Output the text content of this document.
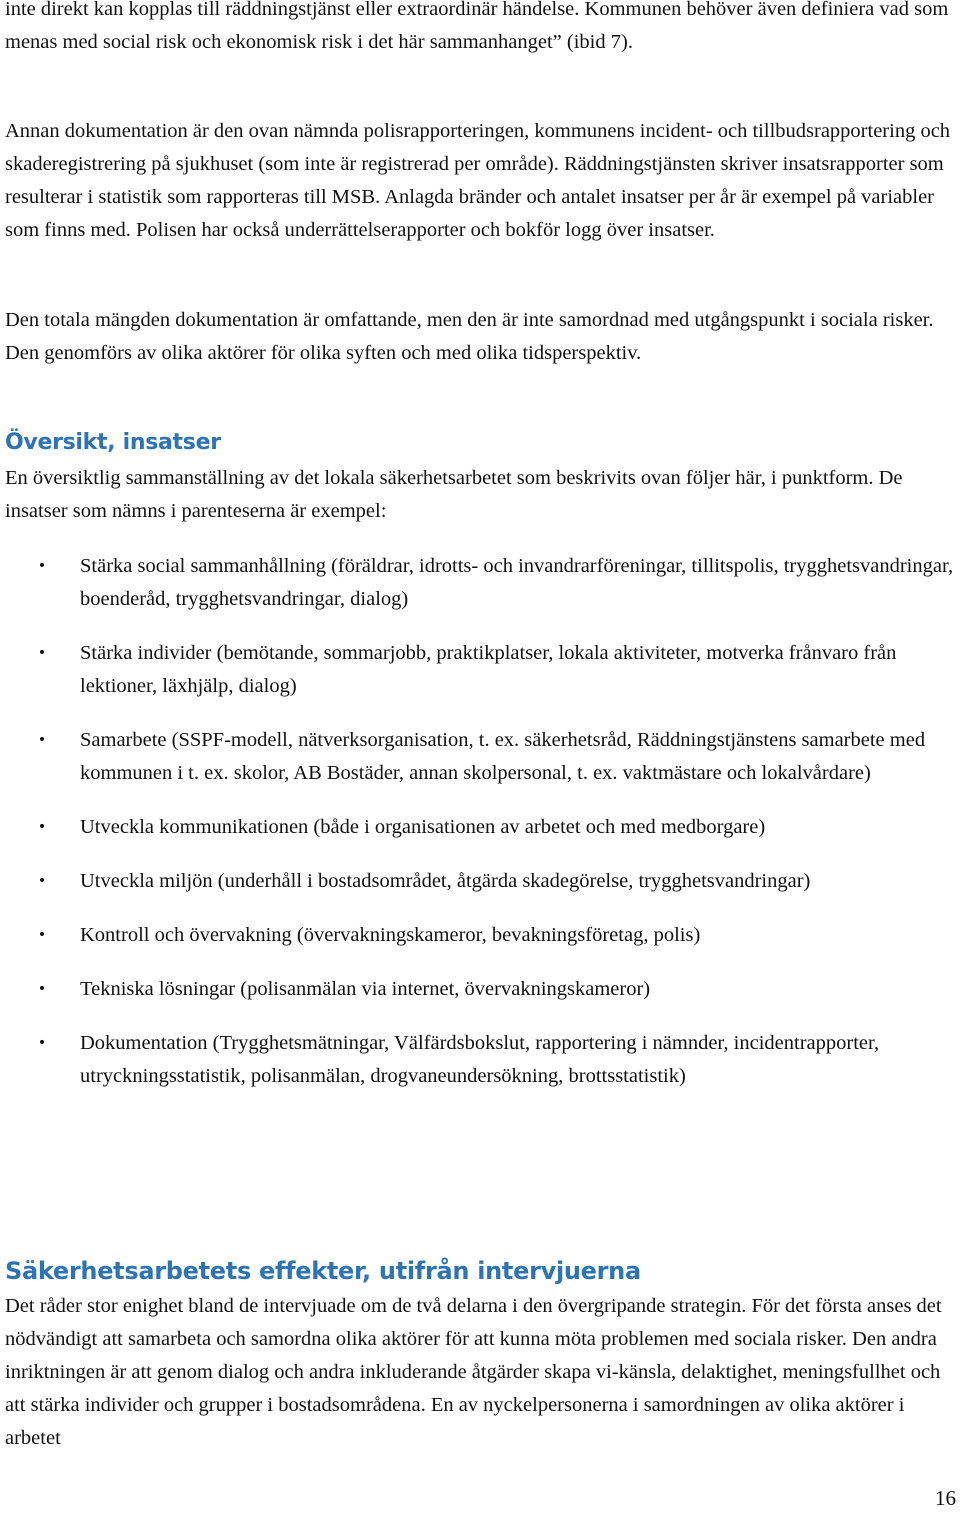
inte direkt kan kopplas till räddningstjänst eller extraordinär händelse. Kommunen behöver även definiera vad som menas med social risk och ekonomisk risk i det här sammanhanget” (ibid 7).

Annan dokumentation är den ovan nämnda polisrapporteringen, kommunens incident- och tillbudsrapportering och skaderegistrering på sjukhuset (som inte är registrerad per område). Räddningstjänsten skriver insatsrapporter som resulterar i statistik som rapporteras till MSB. Anlagda bränder och antalet insatser per år är exempel på variabler som finns med. Polisen har också underrättelserapporter och bokför logg över insatser.

Den totala mängden dokumentation är omfattande, men den är inte samordnad med utgångspunkt i sociala risker. Den genomförs av olika aktörer för olika syften och med olika tidsperspektiv.

Översikt, insatser

En översiktlig sammanställning av det lokala säkerhetsarbetet som beskrivits ovan följer här, i punktform. De insatser som nämns i parenteserna är exempel:

• Stärka social sammanhållning (föräldrar, idrotts- och invandrarföreningar, tillitspolis, trygghetsvandringar, boenderåd, trygghetsvandringar, dialog)
• Stärka individer (bemötande, sommarjobb, praktikplatser, lokala aktiviteter, motverka frånvaro från lektioner, läxhjälp, dialog)
• Samarbete (SSPF-modell, nätverksorganisation, t. ex. säkerhetsråd, Räddningstjänstens samarbete med kommunen i t. ex. skolor, AB Bostäder, annan skolpersonal, t. ex. vaktmästare och lokalvårdare)
• Utveckla kommunikationen (både i organisationen av arbetet och med medborgare)
• Utveckla miljön (underhåll i bostadsområdet, åtgärda skadegörelse, trygghetsvandringar)
• Kontroll och övervakning (övervakningskameror, bevakningsföretag, polis)
• Tekniska lösningar (polisanmälan via internet, övervakningskameror)
• Dokumentation (Trygghetsmätningar, Välfärdsbokslut, rapportering i nämnder, incidentrapporter, utryckningsstatistik, polisanmälan, drogvaneundersökning, brottsstatistik)
Säkerhetsarbetets effekter, utifrån intervjuerna

Det råder stor enighet bland de intervjuade om de två delarna i den övergripande strategin. För det första anses det nödvändigt att samarbeta och samordna olika aktörer för att kunna möta problemen med sociala risker. Den andra inriktningen är att genom dialog och andra inkluderande åtgärder skapa vi-känsla, delaktighet, meningsfullhet och att stärka individer och grupper i bostadsområdena. En av nyckelpersonerna i samordningen av olika aktörer i arbetet

16
